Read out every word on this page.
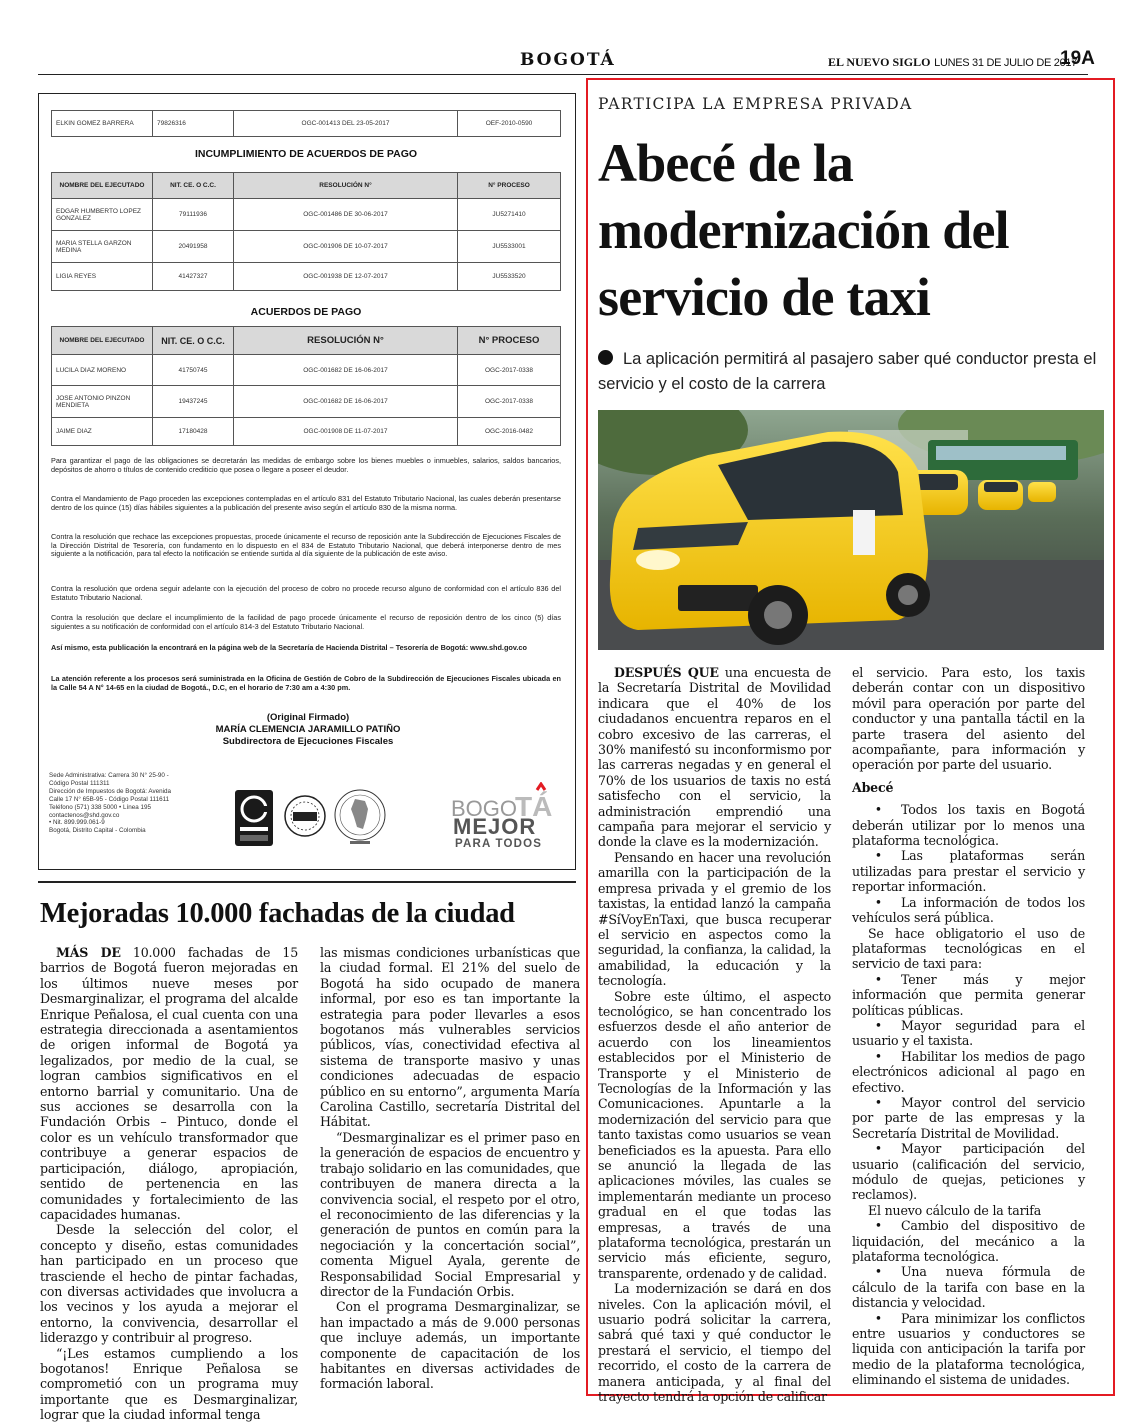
BOGOTÁ	EL NUEVO SIGLO LUNES 31 DE JULIO DE 2017
19A
ELKIN GOMEZ BARRERA	79826316	OGC-001413 DEL 23-05-2017	OEF-2010-0590
INCUMPLIMIENTO DE ACUERDOS DE PAGO
NOMBRE DEL EJECUTADO	NIT. CE. O C.C.	RESOLUCIÓN N°	N° PROCESO
EDGAR HUMBERTO LOPEZ GONZALEZ	79111936	OGC-001486 DE 30-06-2017	JU5271410
MARIA STELLA GARZON MEDINA	20491958	OGC-001906 DE 10-07-2017	JU5533001
LIGIA REYES	41427327	OGC-001938 DE 12-07-2017	JU5533520
ACUERDOS DE PAGO
NOMBRE DEL EJECUTADO	NIT. CE. O C.C.	RESOLUCIÓN N°	N° PROCESO
LUCILA DIAZ MORENO	41750745	OGC-001682 DE 16-06-2017	OGC-2017-0338
JOSE ANTONIO PINZON MENDIETA	19437245	OGC-001682 DE 16-06-2017	OGC-2017-0338
JAIME DIAZ	17180428	OGC-001908 DE 11-07-2017	OGC-2016-0482
Para garantizar el pago de las obligaciones se decretarán las medidas de embargo sobre los bienes muebles o inmuebles, salarios, saldos bancarios, depósitos de ahorro o títulos de contenido crediticio que posea o llegare a poseer el deudor.
Contra el Mandamiento de Pago proceden las excepciones contempladas en el artículo 831 del Estatuto Tributario Nacional, las cuales deberán presentarse dentro de los quince (15) días hábiles siguientes a la publicación del presente aviso según el artículo 830 de la misma norma.
Contra la resolución que rechace las excepciones propuestas, procede únicamente el recurso de reposición ante la Subdirección de Ejecuciones Fiscales de la Dirección Distrital de Tesorería, con fundamento en lo dispuesto en el 834 de Estatuto Tributario Nacional, que deberá interponerse dentro de mes siguiente a la notificación, para tal efecto la notificación se entiende surtida al día siguiente de la publicación de este aviso.
Contra la resolución que ordena seguir adelante con la ejecución del proceso de cobro no procede recurso alguno de conformidad con el artículo 836 del Estatuto Tributario Nacional.
Contra la resolución que declare el incumplimiento de la facilidad de pago procede únicamente el recurso de reposición dentro de los cinco (5) días siguientes a su notificación de conformidad con el artículo 814-3 del Estatuto Tributario Nacional.
Así mismo, esta publicación la encontrará en la página web de la Secretaría de Hacienda Distrital – Tesorería de Bogotá: www.shd.gov.co
La atención referente a los procesos será suministrada en la Oficina de Gestión de Cobro de la Subdirección de Ejecuciones Fiscales ubicada en la Calle 54 A N° 14-65 en la ciudad de Bogotá., D.C, en el horario de 7:30 am a 4:30 pm.
(Original Firmado)
MARÍA CLEMENCIA JARAMILLO PATIÑO
Subdirectora de Ejecuciones Fiscales
Sede Administrativa: Carrera 30 N° 25-90 -
Código Postal 111311
Dirección de Impuestos de Bogotá: Avenida
Calle 17 N° 65B-95 - Código Postal 111611
Teléfono (571) 338 5000 • Línea 195
contactenos@shd.gov.co
• Nit. 899.999.061-9
Bogotá, Distrito Capital - Colombia
BOGO
TÁ
MEJOR
PARA TODOS
Mejoradas 10.000 fachadas de la ciudad

MÁS DE 10.000 fachadas de 15 barrios de Bogotá fueron mejoradas en los últimos nueve meses por Desmarginalizar, el programa del alcalde Enrique Peñalosa, el cual cuenta con una estrategia direccionada a asentamientos de origen informal de Bogotá ya legalizados, por medio de la cual, se logran cambios significativos en el entorno barrial y comunitario. Una de sus acciones se desarrolla con la Fundación Orbis – Pintuco, donde el color es un vehículo transformador que contribuye a generar espacios de participación, diálogo, apropiación, sentido de pertenencia en las comunidades y fortalecimiento de las capacidades humanas.

Desde la selección del color, el concepto y diseño, estas comunidades han participado en un proceso que trasciende el hecho de pintar fachadas, con diversas actividades que involucra a los vecinos y los ayuda a mejorar el entorno, la convivencia, desarrollar el liderazgo y contribuir al progreso.

“¡Les estamos cumpliendo a los bogotanos! Enrique Peñalosa se comprometió con un programa muy importante que es Desmarginalizar, lograr que la ciudad informal tenga

las mismas condiciones urbanísticas que la ciudad formal. El 21% del suelo de Bogotá ha sido ocupado de manera informal, por eso es tan importante la estrategia para poder llevarles a esos bogotanos más vulnerables servicios públicos, vías, conectividad efectiva al sistema de transporte masivo y unas condiciones adecuadas de espacio público en su entorno”, argumenta María Carolina Castillo, secretaría Distrital del Hábitat.

“Desmarginalizar es el primer paso en la generación de espacios de encuentro y trabajo solidario en las comunidades, que contribuyen de manera directa a la convivencia social, el respeto por el otro, el reconocimiento de las diferencias y la generación de puntos en común para la negociación y la concertación social”, comenta Miguel Ayala, gerente de Responsabilidad Social Empresarial y director de la Fundación Orbis.

Con el programa Desmarginalizar, se han impactado a más de 9.000 personas que incluye además, un importante componente de capacitación de los habitantes en diversas actividades de formación laboral.

PARTICIPA LA EMPRESA PRIVADA
Abecé de la modernización del servicio de taxi
La aplicación permitirá al pasajero saber qué conductor presta el servicio y el costo de la carrera

DESPUÉS QUE una encuesta de la Secretaría Distrital de Movilidad indicara que el 40% de los ciudadanos encuentra reparos en el cobro excesivo de las carreras, el 30% manifestó su inconformismo por las carreras negadas y en general el 70% de los usuarios de taxis no está satisfecho con el servicio, la administración emprendió una campaña para mejorar el servicio y donde la clave es la modernización.

Pensando en hacer una revolución amarilla con la participación de la empresa privada y el gremio de los taxistas, la entidad lanzó la campaña #SíVoyEnTaxi, que busca recuperar el servicio en aspectos como la seguridad, la confianza, la calidad, la amabilidad, la educación y la tecnología.

Sobre este último, el aspecto tecnológico, se han concentrado los esfuerzos desde el año anterior de acuerdo con los lineamientos establecidos por el Ministerio de Transporte y el Ministerio de Tecnologías de la Información y las Comunicaciones. Apuntarle a la modernización del servicio para que tanto taxistas como usuarios se vean beneficiados es la apuesta. Para ello se anunció la llegada de las aplicaciones móviles, las cuales se implementarán mediante un proceso gradual en el que todas las empresas, a través de una plataforma tecnológica, prestarán un servicio más eficiente, seguro, transparente, ordenado y de calidad.

La modernización se dará en dos niveles. Con la aplicación móvil, el usuario podrá solicitar la carrera, sabrá qué taxi y qué conductor le prestará el servicio, el tiempo del recorrido, el costo de la carrera de manera anticipada, y al final del trayecto tendrá la opción de calificar

el servicio. Para esto, los taxis deberán contar con un dispositivo móvil para operación por parte del conductor y una pantalla táctil en la parte trasera del asiento del acompañante, para información y operación por parte del usuario.

Abecé

• Todos los taxis en Bogotá deberán utilizar por lo menos una plataforma tecnológica.

• Las plataformas serán utilizadas para prestar el servicio y reportar información.

• La información de todos los vehículos será pública.

Se hace obligatorio el uso de plataformas tecnológicas en el servicio de taxi para:

• Tener más y mejor información que permita generar políticas públicas.

• Mayor seguridad para el usuario y el taxista.

• Habilitar los medios de pago electrónicos adicional al pago en efectivo.

• Mayor control del servicio por parte de las empresas y la Secretaría Distrital de Movilidad.

• Mayor participación del usuario (calificación del servicio, módulo de quejas, peticiones y reclamos).

El nuevo cálculo de la tarifa

• Cambio del dispositivo de liquidación, del mecánico a la plataforma tecnológica.

• Una nueva fórmula de cálculo de la tarifa con base en la distancia y velocidad.

• Para minimizar los conflictos entre usuarios y conductores se liquida con anticipación la tarifa por medio de la plataforma tecnológica, eliminando el sistema de unidades.
